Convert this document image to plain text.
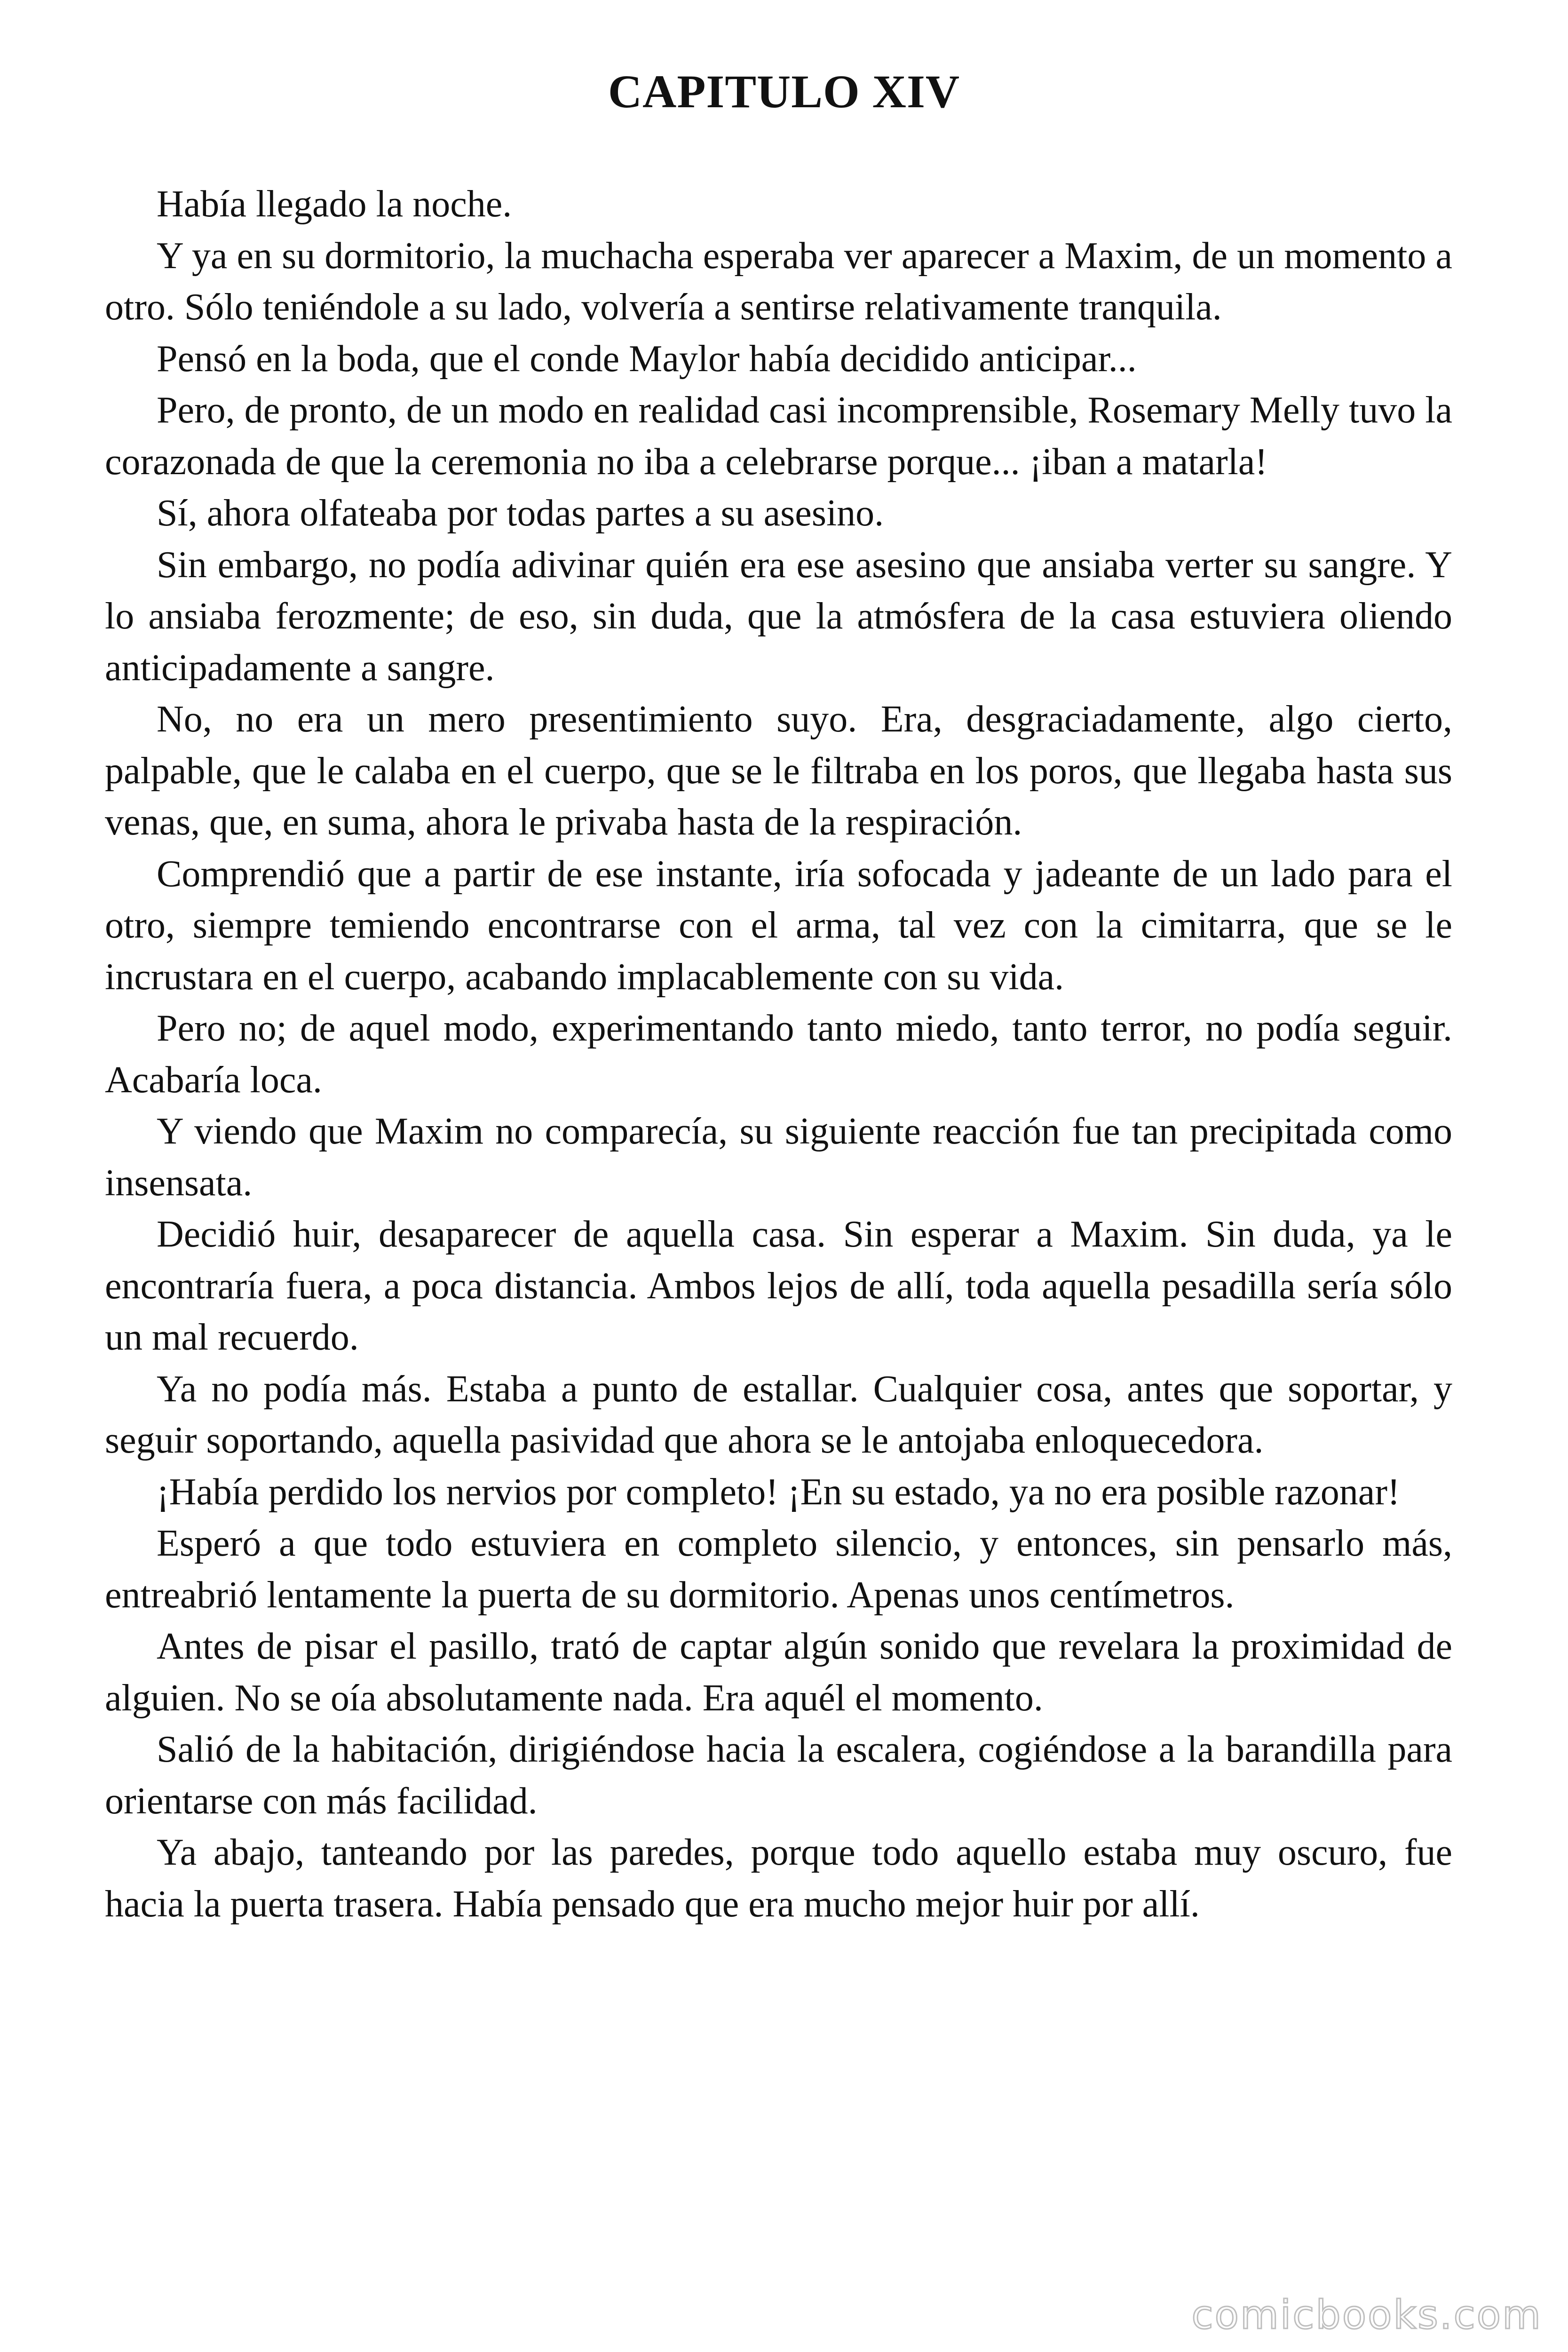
CAPITULO XIV

Había llegado la noche.

Y ya en su dormitorio, la muchacha esperaba ver aparecer a Maxim, de un momento a otro. Sólo teniéndole a su lado, volvería a sentirse relativamente tranquila.

Pensó en la boda, que el conde Maylor había decidido anticipar...

Pero, de pronto, de un modo en realidad casi incomprensible, Rosemary Melly tuvo la corazonada de que la ceremonia no iba a celebrarse porque... ¡iban a matarla!

Sí, ahora olfateaba por todas partes a su asesino.

Sin embargo, no podía adivinar quién era ese asesino que ansiaba verter su sangre. Y lo ansiaba ferozmente; de eso, sin duda, que la atmósfera de la casa estuviera oliendo anticipadamente a sangre.

No, no era un mero presentimiento suyo. Era, desgraciadamente, algo cierto, palpable, que le calaba en el cuerpo, que se le filtraba en los poros, que llegaba hasta sus venas, que, en suma, ahora le privaba hasta de la respiración.

Comprendió que a partir de ese instante, iría sofocada y jadeante de un lado para el otro, siempre temiendo encontrarse con el arma, tal vez con la cimitarra, que se le incrustara en el cuerpo, acabando implacablemente con su vida.

Pero no; de aquel modo, experimentando tanto miedo, tanto terror, no podía seguir. Acabaría loca.

Y viendo que Maxim no comparecía, su siguiente reacción fue tan precipitada como insensata.

Decidió huir, desaparecer de aquella casa. Sin esperar a Maxim. Sin duda, ya le encontraría fuera, a poca distancia. Ambos lejos de allí, toda aquella pesadilla sería sólo un mal recuerdo.

Ya no podía más. Estaba a punto de estallar. Cualquier cosa, antes que soportar, y seguir soportando, aquella pasividad que ahora se le antojaba enloquecedora.

¡Había perdido los nervios por completo! ¡En su estado, ya no era posible razonar!

Esperó a que todo estuviera en completo silencio, y entonces, sin pensarlo más, entreabrió lentamente la puerta de su dormitorio. Apenas unos centímetros.

Antes de pisar el pasillo, trató de captar algún sonido que revelara la proximidad de alguien. No se oía absolutamente nada. Era aquél el momento.

Salió de la habitación, dirigiéndose hacia la escalera, cogiéndose a la barandilla para orientarse con más facilidad.

Ya abajo, tanteando por las paredes, porque todo aquello estaba muy oscuro, fue hacia la puerta trasera. Había pensado que era mucho mejor huir por allí.

comicbooks.com
